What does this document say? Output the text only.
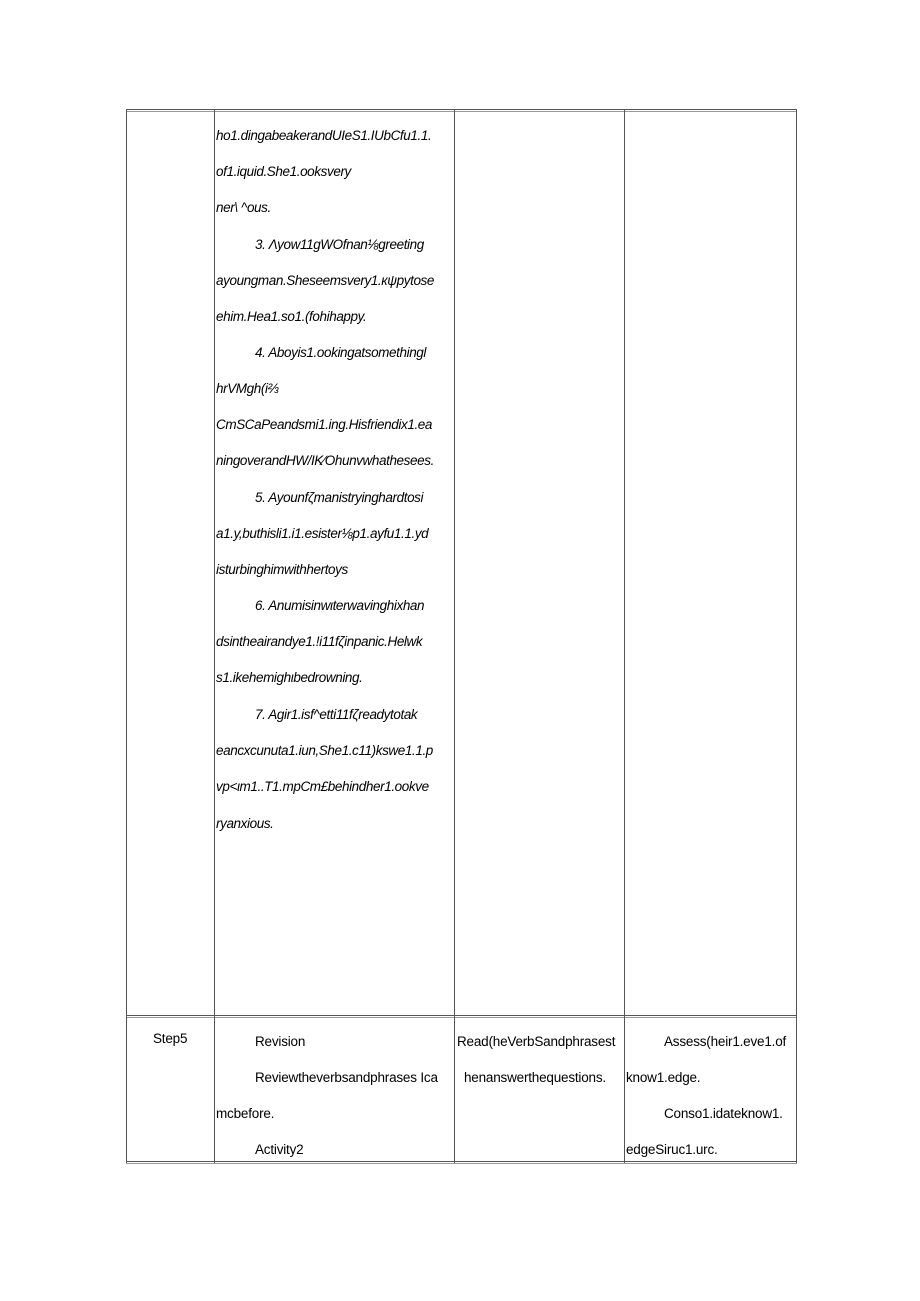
ho1.dingabeakerandUIeS1.IUbCfu1.1.
of1.iquid.She1.ooksvery
ner\ ^ous.
3. Λyow11gWOfnan⅛greeting
ayoungman.Sheseemsvery1.кψpytose
ehim.Hea1.so1.(fohihappy.
4. Aboyis1.ookingatsomethingl
hrVMgh(i⅔
CmSCaPeandsmi1.ing.Hisfriendix1.ea
ningoverandHW/IK∕Ohunvwhathesees.
5. Ayounfζmanistryinghardtosi
a1.y,buthisli1.i1.esister⅛p1.ayfu1.1.yd
isturbinghimwithhertoys
6. Anumisinwιterwavinghixhan
dsintheairandye1.!i11fζinpanic.Helwk
s1.ikehemighιbedrowning.
7. Agir1.isf^etti11fζreadytotak
eancxcunuta1.iun,She1.c11)kswe1.1.p
vp<ιm1..T1.mpCm£behindher1.ookve
ryanxious.
Step5	Revision
Reviewtheverbsandphrases Ica
mcbefore.
Activity2
Read(heVerbSandphrasest
henanswerthequestions.
Assess(heir1.eve1.of
know1.edge.
Conso1.idateknow1.
edgeSiruc1.urc.
